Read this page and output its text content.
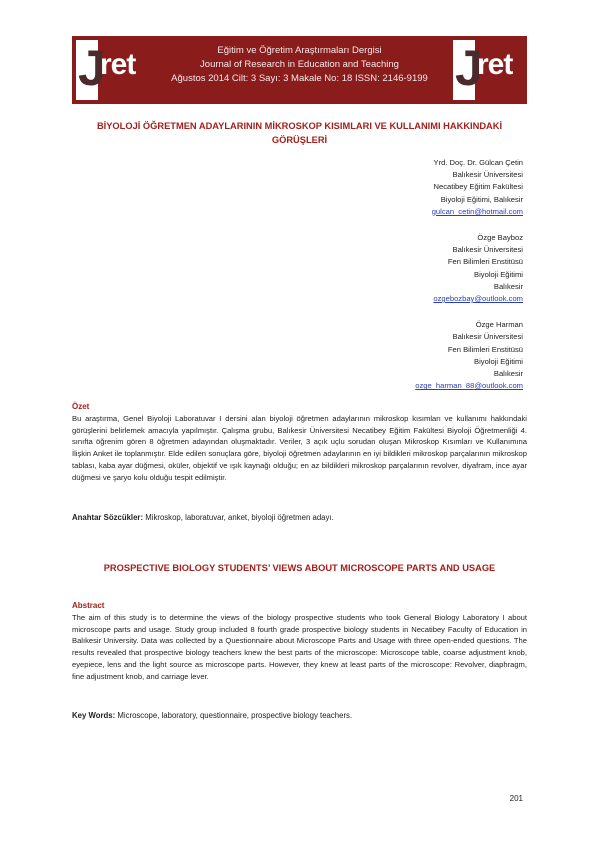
J
ret	Eğitim ve Öğretim Araştırmaları Dergisi
Journal of Research in Education and Teaching
Ağustos 2014 Cilt: 3 Sayı: 3 Makale No: 18 ISSN: 2146-9199 J
ret
BİYOLOJİ ÖĞRETMEN ADAYLARININ MİKROSKOP KISIMLARI VE KULLANIMI HAKKINDAKİ
GÖRÜŞLERİ
Yrd. Doç. Dr. Gülcan Çetin
Balıkesir Üniversitesi
Necatibey Eğitim Fakültesi
Biyoloji Eğitimi, Balıkesir
gulcan_cetin@hotmail.com
Özge Bayboz
Balıkesir Üniversitesi
Fen Bilimleri Enstitüsü
Biyoloji Eğitimi
Balıkesir
ozgebozbay@outlook.com
Özge Harman
Balıkesir Üniversitesi
Fen Bilimleri Enstitüsü
Biyoloji Eğitimi
Balıkesir
ozge_harman_88@outlook.com
Özet
Bu araştırma, Genel Biyoloji Laboratuvar I dersini alan biyoloji öğretmen adaylarının mikroskop kısımları ve kullanımı hakkındaki görüşlerini belirlemek amacıyla yapılmıştır. Çalışma grubu, Balıkesir Üniversitesi Necatibey Eğitim Fakültesi Biyoloji Öğretmenliği 4. sınıfta öğrenim gören 8 öğretmen adayından oluşmaktadır. Veriler, 3 açık uçlu sorudan oluşan Mikroskop Kısımları ve Kullanımına İlişkin Anket ile toplanmıştır. Elde edilen sonuçlara göre, biyoloji öğretmen adaylarının en iyi bildikleri mikroskop parçalarının mikroskop tablası, kaba ayar düğmesi, oküler, objektif ve ışık kaynağı olduğu; en az bildikleri mikroskop parçalarının revolver, diyafram, ince ayar düğmesi ve şaryo kolu olduğu tespit edilmiştir.
Anahtar Sözcükler: Mikroskop, laboratuvar, anket, biyoloji öğretmen adayı.
PROSPECTIVE BIOLOGY STUDENTS’ VIEWS ABOUT MICROSCOPE PARTS AND USAGE
Abstract
The aim of this study is to determine the views of the biology prospective students who took General Biology Laboratory I about microscope parts and usage. Study group included 8 fourth grade prospective biology students in Necatibey Faculty of Education in Balıkesir University. Data was collected by a Questionnaire about Microscope Parts and Usage with three open-ended questions. The results revealed that prospective biology teachers knew the best parts of the microscope: Microscope table, coarse adjustment knob, eyepiece, lens and the light source as microscope parts. However, they knew at least parts of the microscope: Revolver, diaphragm, fine adjustment knob, and carriage lever.
Key Words: Microscope, laboratory, questionnaire, prospective biology teachers.
201
